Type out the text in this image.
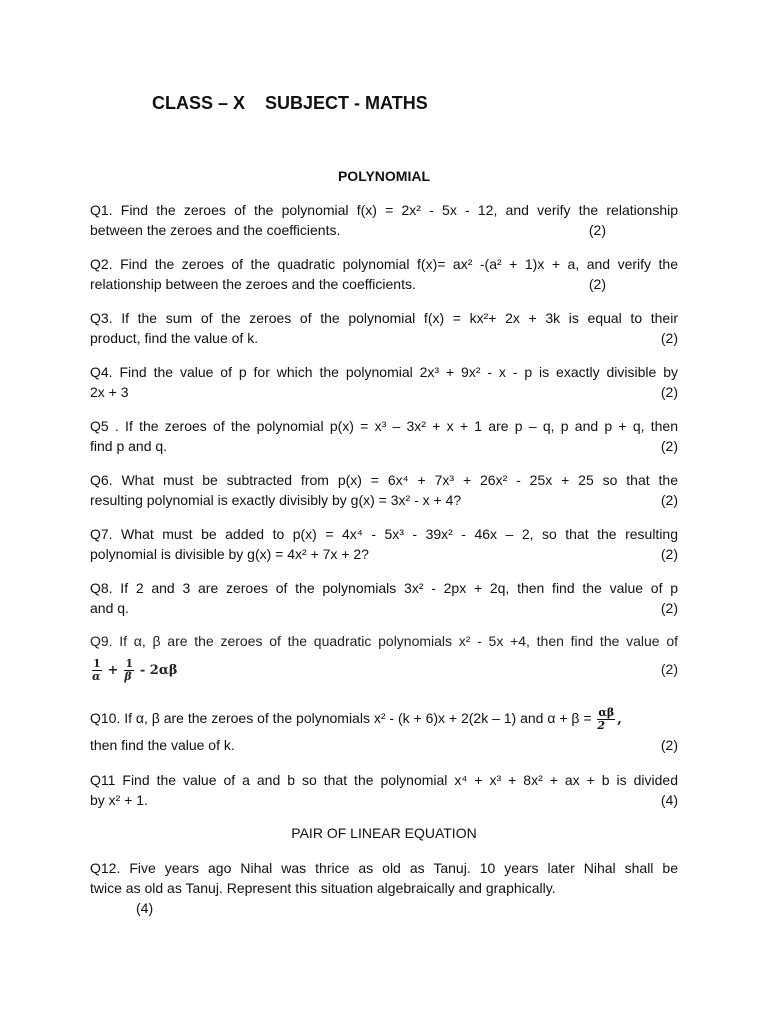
CLASS – X    SUBJECT - MATHS
POLYNOMIAL
Q1. Find the zeroes of the polynomial f(x) = 2x² - 5x - 12, and verify the relationship
between the zeroes and the coefficients.	(2)
Q2. Find the zeroes of the quadratic polynomial f(x)= ax² -(a² + 1)x + a, and verify the
relationship between the zeroes and the coefficients.	(2)
Q3. If the sum of the zeroes of the polynomial f(x) = kx²+ 2x + 3k is equal to their
product, find the value of k.	(2)
Q4. Find the value of p for which the polynomial 2x³ + 9x² - x - p is exactly divisible by
2x + 3	(2)
Q5 . If the zeroes of the polynomial p(x) = x³ – 3x² + x + 1 are p – q, p and p + q, then
find p and q.	(2)
Q6. What must be subtracted from p(x) = 6x⁴ + 7x³ + 26x² - 25x + 25 so that the
resulting polynomial is exactly divisibly by g(x) = 3x² - x + 4?	(2)
Q7. What must be added to p(x) = 4x⁴ - 5x³ - 39x² - 46x – 2, so that the resulting
polynomial is divisible by g(x) = 4x² + 7x + 2?	(2)
Q8. If 2 and 3 are zeroes of the polynomials 3x² - 2px + 2q, then find the value of p
and q.	(2)
Q9. If α, β are the zeroes of the quadratic polynomials x² - 5x +4, then find the value of
$\frac{1}{\alpha} + \frac{1}{\beta} - 2\alpha\beta$	(2)
Q10. If α, β are the zeroes of the polynomials x² - (k + 6)x + 2(2k – 1) and $\alpha + \beta = \frac{\alpha\beta}{2}$ ,
then find the value of k.	(2)
Q11 Find the value of a and b so that the polynomial x⁴ + x³ + 8x² + ax + b is divided
by x² + 1.	(4)
PAIR OF LINEAR EQUATION
Q12. Five years ago Nihal was thrice as old as Tanuj. 10 years later Nihal shall be
twice as old as Tanuj. Represent this situation algebraically and graphically.
(4)
